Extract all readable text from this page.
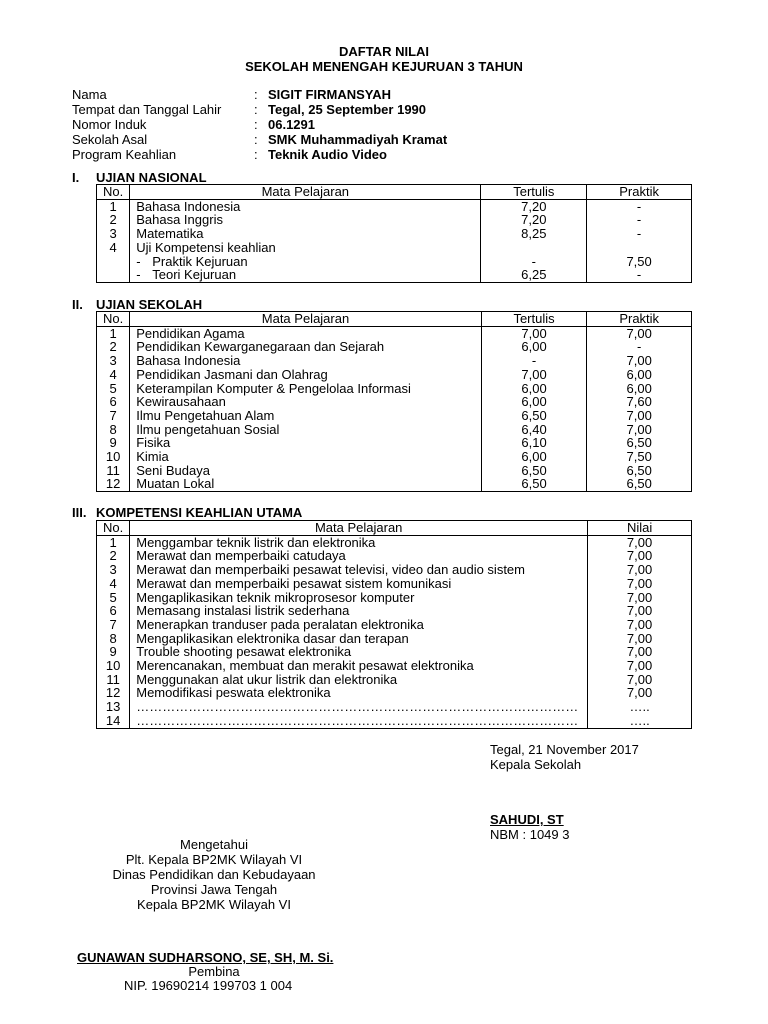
DAFTAR NILAI
SEKOLAH MENENGAH KEJURUAN 3 TAHUN
Nama	: SIGIT FIRMANSYAH
Tempat dan Tanggal Lahir	: Tegal, 25 September 1990
Nomor Induk	: 06.1291
Sekolah Asal	: SMK Muhammadiyah Kramat
Program Keahlian	: Teknik Audio Video
I.	UJIAN NASIONAL
No.	Mata Pelajaran	Tertulis	Praktik
1	Bahasa Indonesia	7,20	-
2	Bahasa Inggris	7,20	-
3	Matematika	8,25	-
4	Uji Kompetensi keahlian		
	- Praktik Kejuruan	-	7,50
	- Teori Kejuruan	6,25	-
II.	UJIAN SEKOLAH
No.	Mata Pelajaran	Tertulis	Praktik
1	Pendidikan Agama	7,00	7,00
2	Pendidikan Kewarganegaraan dan Sejarah	6,00	-
3	Bahasa Indonesia	-	7,00
4	Pendidikan Jasmani dan Olahrag	7,00	6,00
5	Keterampilan Komputer & Pengelolaa Informasi	6,00	6,00
6	Kewirausahaan	6,00	7,60
7	Ilmu Pengetahuan Alam	6,50	7,00
8	Ilmu pengetahuan Sosial	6,40	7,00
9	Fisika	6,10	6,50
10	Kimia	6,00	7,50
11	Seni Budaya	6,50	6,50
12	Muatan Lokal	6,50	6,50
III. KOMPETENSI KEAHLIAN UTAMA
No.	Mata Pelajaran	Nilai
1	Menggambar teknik listrik dan elektronika	7,00
2	Merawat dan memperbaiki catudaya	7,00
3	Merawat dan memperbaiki pesawat televisi, video dan audio sistem	7,00
4	Merawat dan memperbaiki pesawat sistem komunikasi	7,00
5	Mengaplikasikan teknik mikroprosesor komputer	7,00
6	Memasang instalasi listrik sederhana	7,00
7	Menerapkan tranduser pada peralatan elektronika	7,00
8	Mengaplikasikan elektronika dasar dan terapan	7,00
9	Trouble shooting pesawat elektronika	7,00
10	Merencanakan, membuat dan merakit pesawat elektronika	7,00
11	Menggunakan alat ukur listrik dan elektronika	7,00
12	Memodifikasi peswata elektronika	7,00
13	…………………………………………………………………………………………	…..
14	…………………………………………………………………………………………	…..
Tegal, 21 November 2017
Kepala Sekolah
SAHUDI, ST
NBM : 1049 3
Mengetahui
Plt. Kepala BP2MK Wilayah VI
Dinas Pendidikan dan Kebudayaan
Provinsi Jawa Tengah
Kepala BP2MK Wilayah VI
GUNAWAN SUDHARSONO, SE, SH, M. Si.
Pembina
NIP. 19690214 199703 1 004
